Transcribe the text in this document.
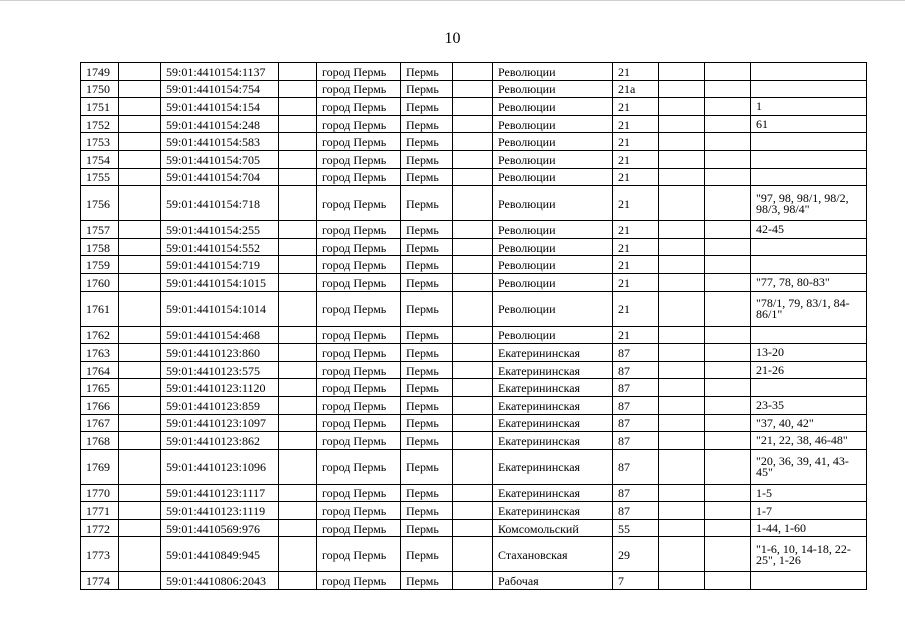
10
1749		59:01:4410154:1137		город Пермь	Пермь		Революции	21			
1750		59:01:4410154:754		город Пермь	Пермь		Революции	21а			
1751		59:01:4410154:154		город Пермь	Пермь		Революции	21			1
1752		59:01:4410154:248		город Пермь	Пермь		Революции	21			61
1753		59:01:4410154:583		город Пермь	Пермь		Революции	21			
1754		59:01:4410154:705		город Пермь	Пермь		Революции	21			
1755		59:01:4410154:704		город Пермь	Пермь		Революции	21			
1756		59:01:4410154:718		город Пермь	Пермь		Революции	21			"97, 98, 98/1, 98/2, 98/3, 98/4"
1757		59:01:4410154:255		город Пермь	Пермь		Революции	21			42-45
1758		59:01:4410154:552		город Пермь	Пермь		Революции	21			
1759		59:01:4410154:719		город Пермь	Пермь		Революции	21			
1760		59:01:4410154:1015		город Пермь	Пермь		Революции	21			"77, 78, 80-83"
1761		59:01:4410154:1014		город Пермь	Пермь		Революции	21			"78/1, 79, 83/1, 84-86/1"
1762		59:01:4410154:468		город Пермь	Пермь		Революции	21			
1763		59:01:4410123:860		город Пермь	Пермь		Екатерининская	87			13-20
1764		59:01:4410123:575		город Пермь	Пермь		Екатерининская	87			21-26
1765		59:01:4410123:1120		город Пермь	Пермь		Екатерининская	87			
1766		59:01:4410123:859		город Пермь	Пермь		Екатерининская	87			23-35
1767		59:01:4410123:1097		город Пермь	Пермь		Екатерининская	87			"37, 40, 42"
1768		59:01:4410123:862		город Пермь	Пермь		Екатерининская	87			"21, 22, 38, 46-48"
1769		59:01:4410123:1096		город Пермь	Пермь		Екатерининская	87			"20, 36, 39, 41, 43-45"
1770		59:01:4410123:1117		город Пермь	Пермь		Екатерининская	87			1-5
1771		59:01:4410123:1119		город Пермь	Пермь		Екатерининская	87			1-7
1772		59:01:4410569:976		город Пермь	Пермь		Комсомольский	55			1-44, 1-60
1773		59:01:4410849:945		город Пермь	Пермь		Стахановская	29			"1-6, 10, 14-18, 22-25", 1-26
1774		59:01:4410806:2043		город Пермь	Пермь		Рабочая	7			
